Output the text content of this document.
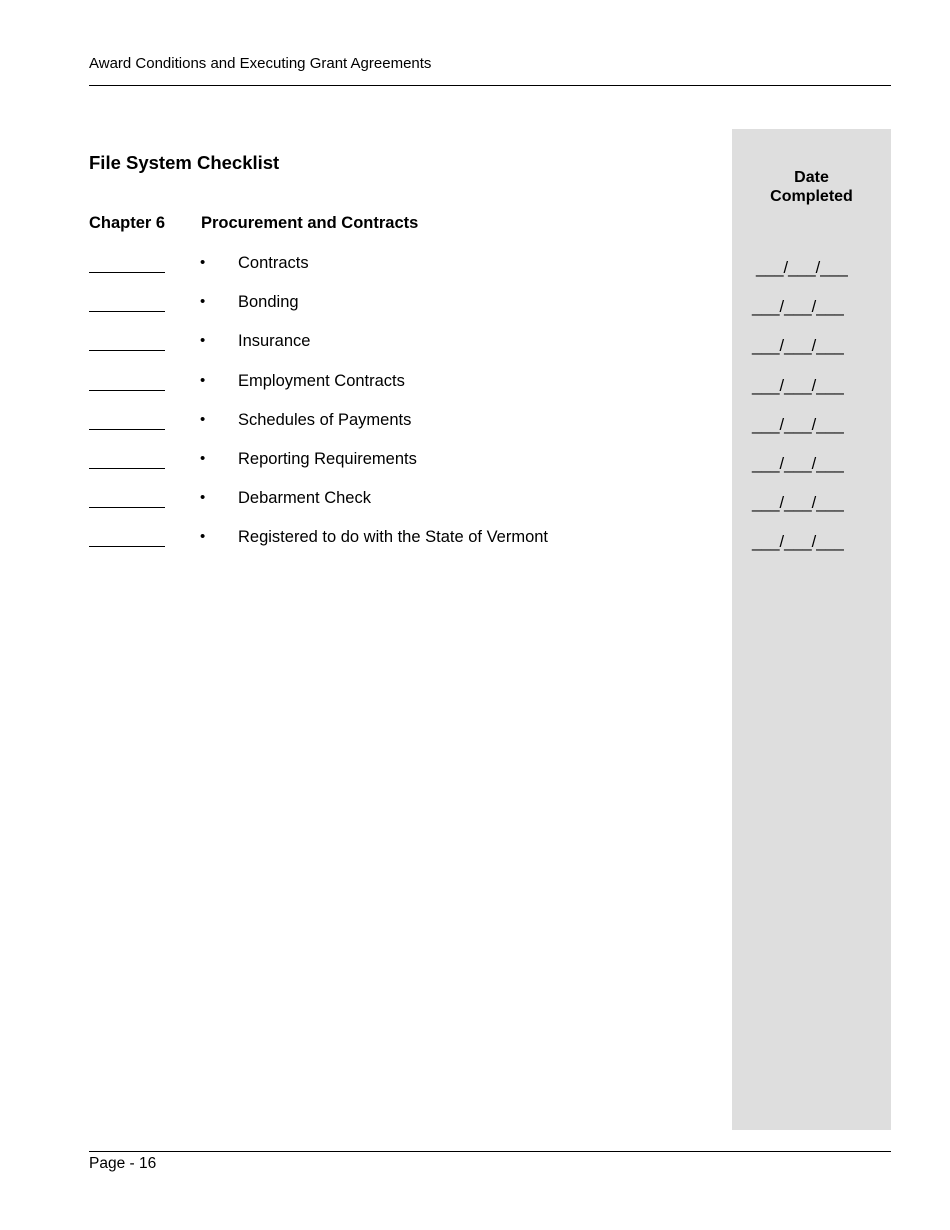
Award Conditions and Executing Grant Agreements
Date
Completed
File System Checklist
Chapter 6 Procurement and Contracts
• Contracts	___/___/___
• Bonding	___/___/___
• Insurance	___/___/___
• Employment Contracts	___/___/___
• Schedules of Payments	___/___/___
• Reporting Requirements	___/___/___
• Debarment Check	___/___/___
• Registered to do with the State of Vermont	___/___/___
Page - 16
